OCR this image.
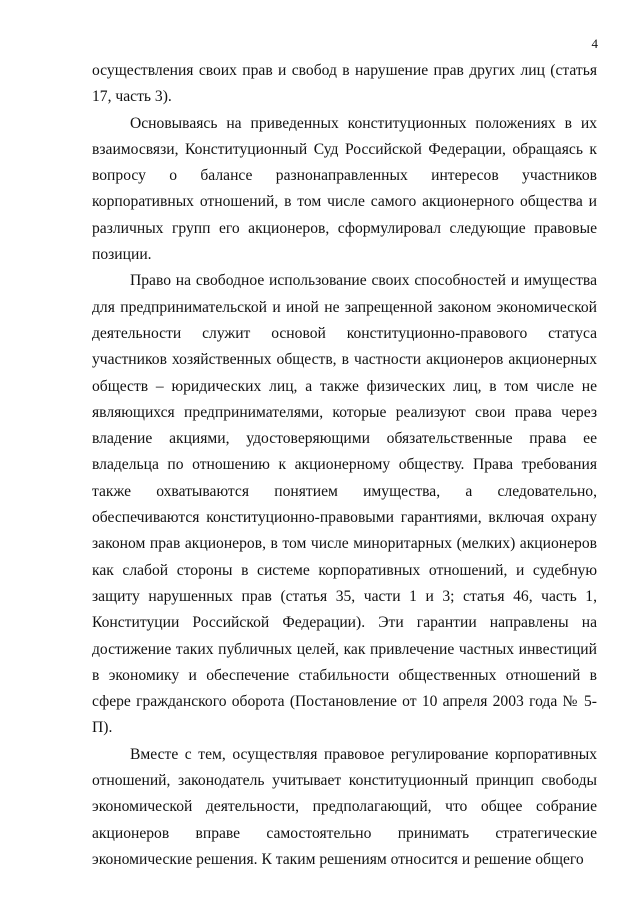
4

осуществления своих прав и свобод в нарушение прав других лиц (статья 17, часть 3).

Основываясь на приведенных конституционных положениях в их взаимосвязи, Конституционный Суд Российской Федерации, обращаясь к вопросу о балансе разнонаправленных интересов участников корпоративных отношений, в том числе самого акционерного общества и различных групп его акционеров, сформулировал следующие правовые позиции.

Право на свободное использование своих способностей и имущества для предпринимательской и иной не запрещенной законом экономической деятельности служит основой конституционно-правового статуса участников хозяйственных обществ, в частности акционеров акционерных обществ – юридических лиц, а также физических лиц, в том числе не являющихся предпринимателями, которые реализуют свои права через владение акциями, удостоверяющими обязательственные права ее владельца по отношению к акционерному обществу. Права требования также охватываются понятием имущества, а следовательно, обеспечиваются конституционно-правовыми гарантиями, включая охрану законом прав акционеров, в том числе миноритарных (мелких) акционеров как слабой стороны в системе корпоративных отношений, и судебную защиту нарушенных прав (статья 35, части 1 и 3; статья 46, часть 1, Конституции Российской Федерации). Эти гарантии направлены на достижение таких публичных целей, как привлечение частных инвестиций в экономику и обеспечение стабильности общественных отношений в сфере гражданского оборота (Постановление от 10 апреля 2003 года № 5-П).

Вместе с тем, осуществляя правовое регулирование корпоративных отношений, законодатель учитывает конституционный принцип свободы экономической деятельности, предполагающий, что общее собрание акционеров вправе самостоятельно принимать стратегические экономические решения. К таким решениям относится и решение общего
